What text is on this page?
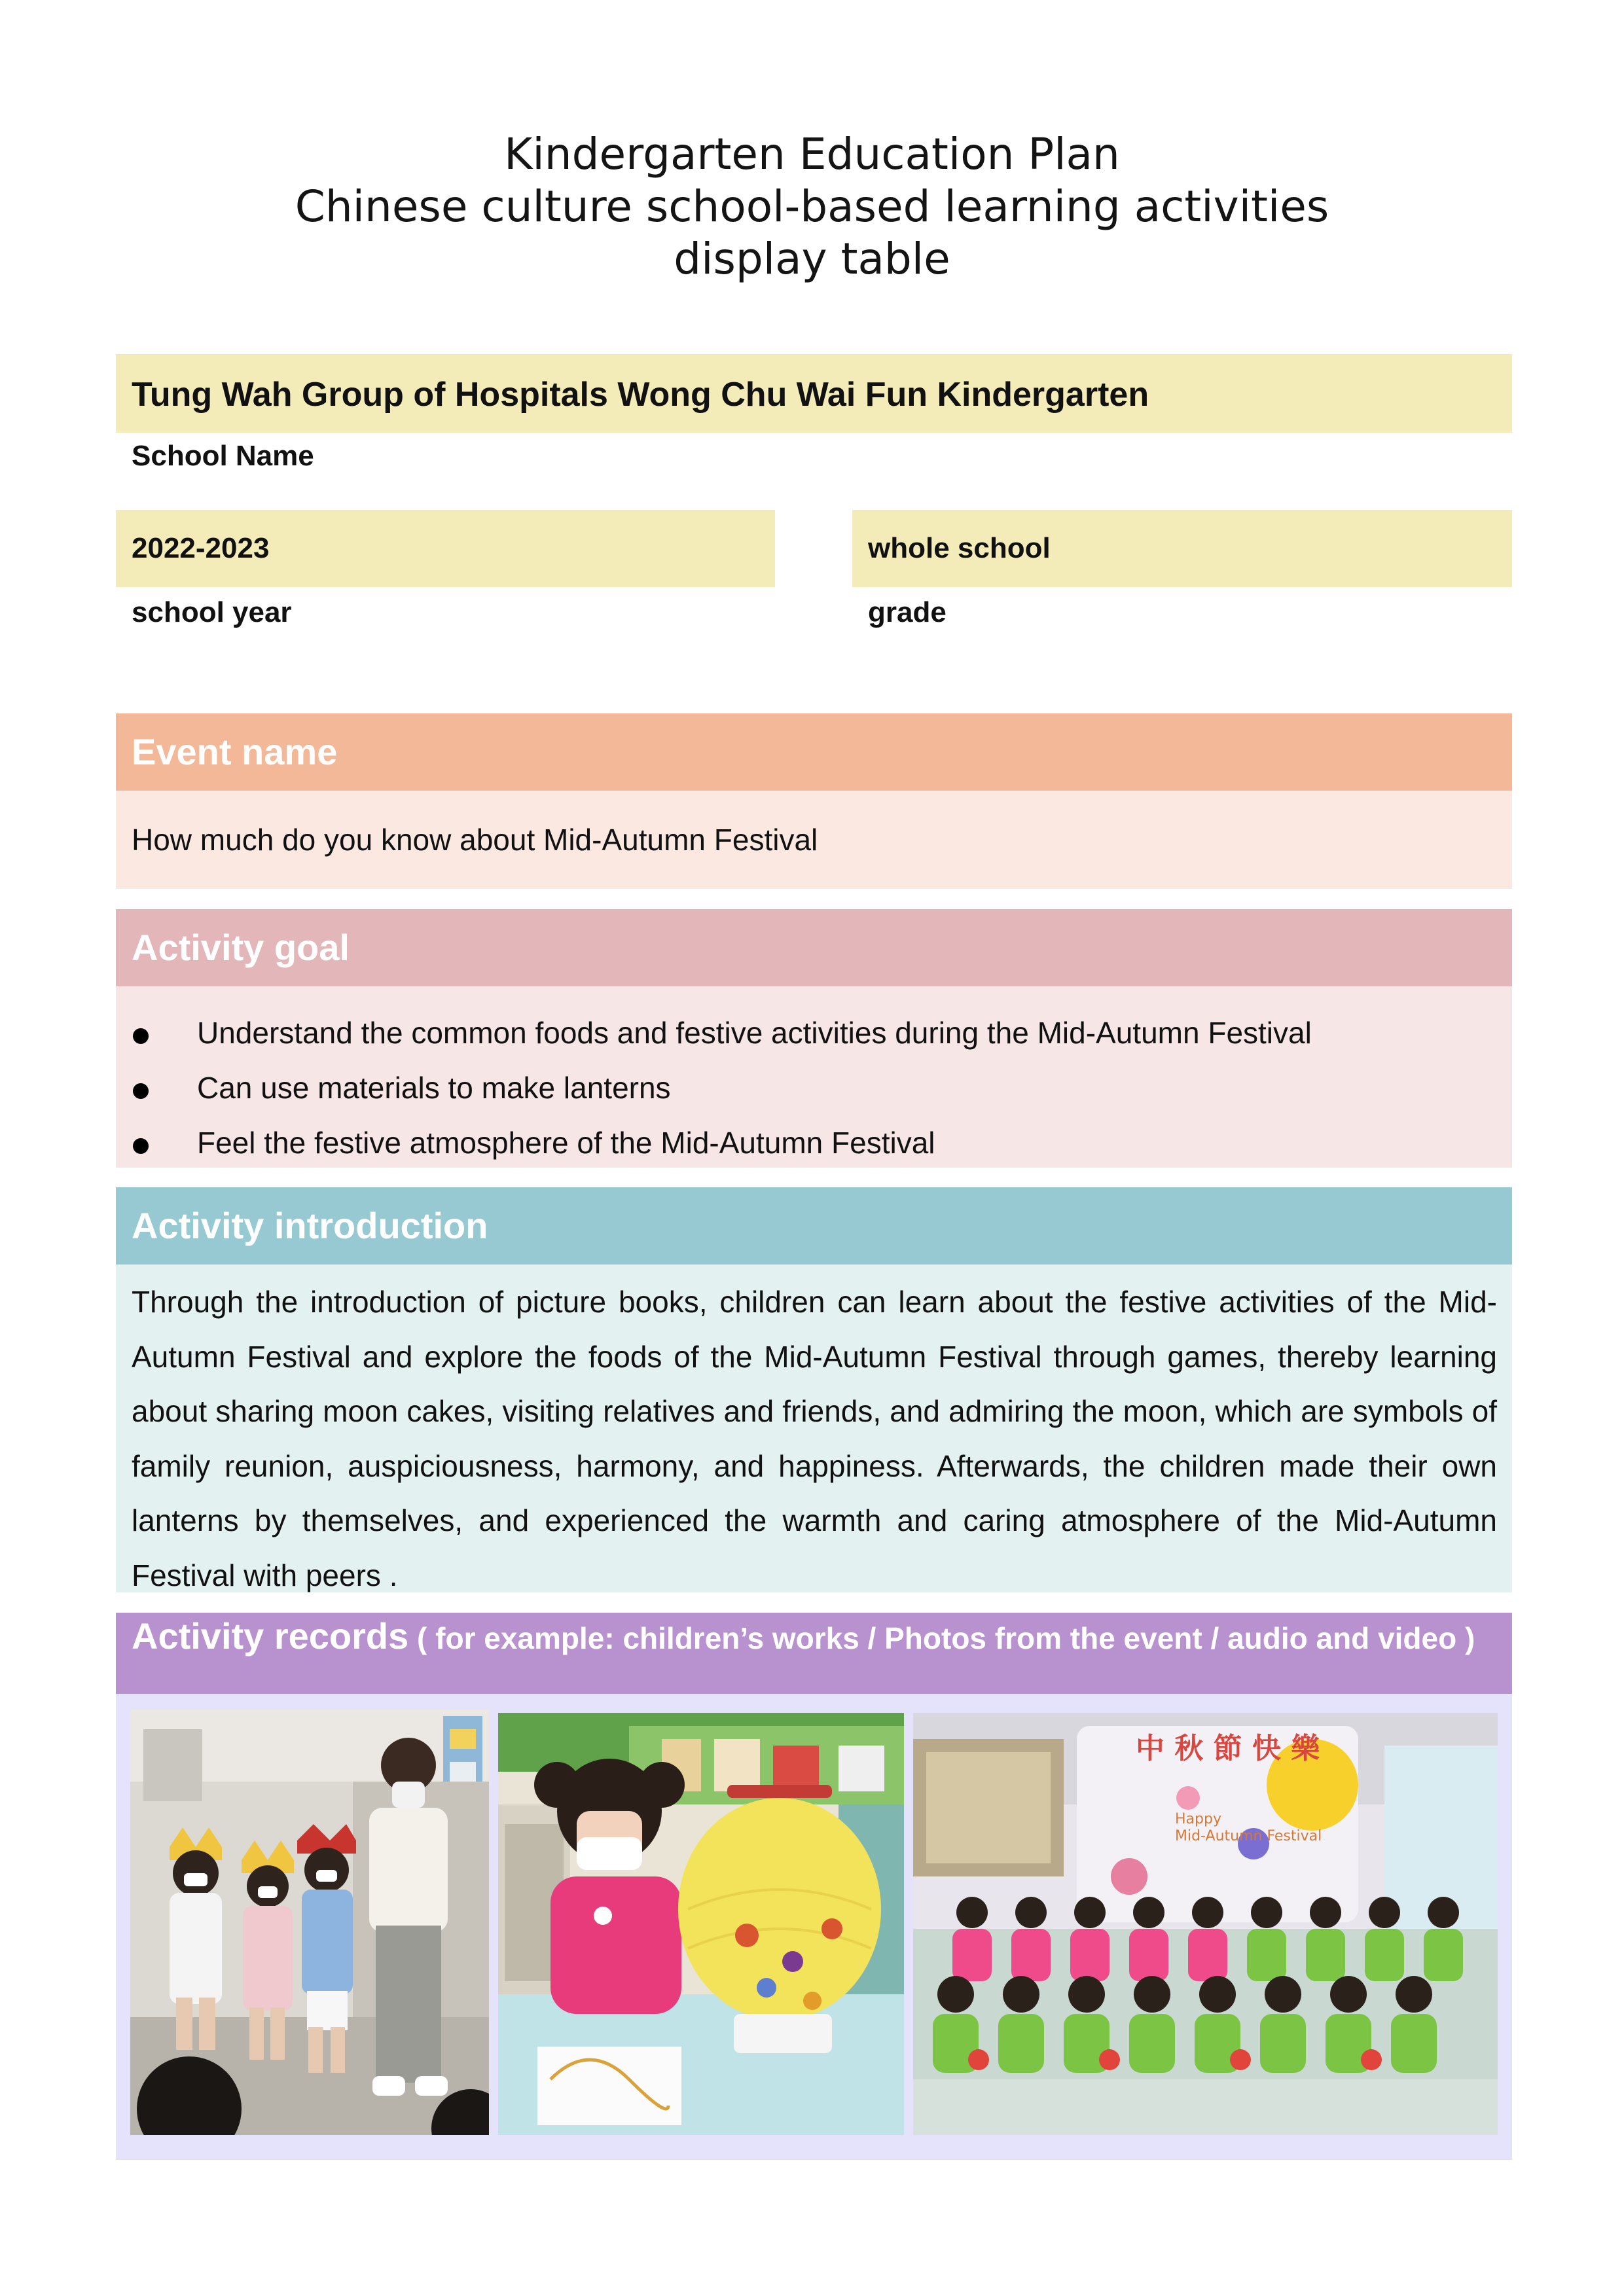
Kindergarten Education Plan
Chinese culture school-based learning activities
display table
Tung Wah Group of Hospitals Wong Chu Wai Fun Kindergarten
School Name
2022-2023
school year
whole school
grade
Event name
How much do you know about Mid-Autumn Festival
Activity goal
Understand the common foods and festive activities during the Mid-Autumn Festival
Can use materials to make lanterns
Feel the festive atmosphere of the Mid-Autumn Festival
Activity introduction
Through the introduction of picture books, children can learn about the festive activities of the Mid-Autumn Festival and explore the foods of the Mid-Autumn Festival through games, thereby learning about sharing moon cakes, visiting relatives and friends, and admiring the moon, which are symbols of family reunion, auspiciousness, harmony, and happiness. Afterwards, the children made their own lanterns by themselves, and experienced the warmth and caring atmosphere of the Mid-Autumn Festival with peers .
Activity records ( for example: children’s works / Photos from the event / audio and video )
中 秋 節 快 樂
Happy
Mid-Autumn Festival
